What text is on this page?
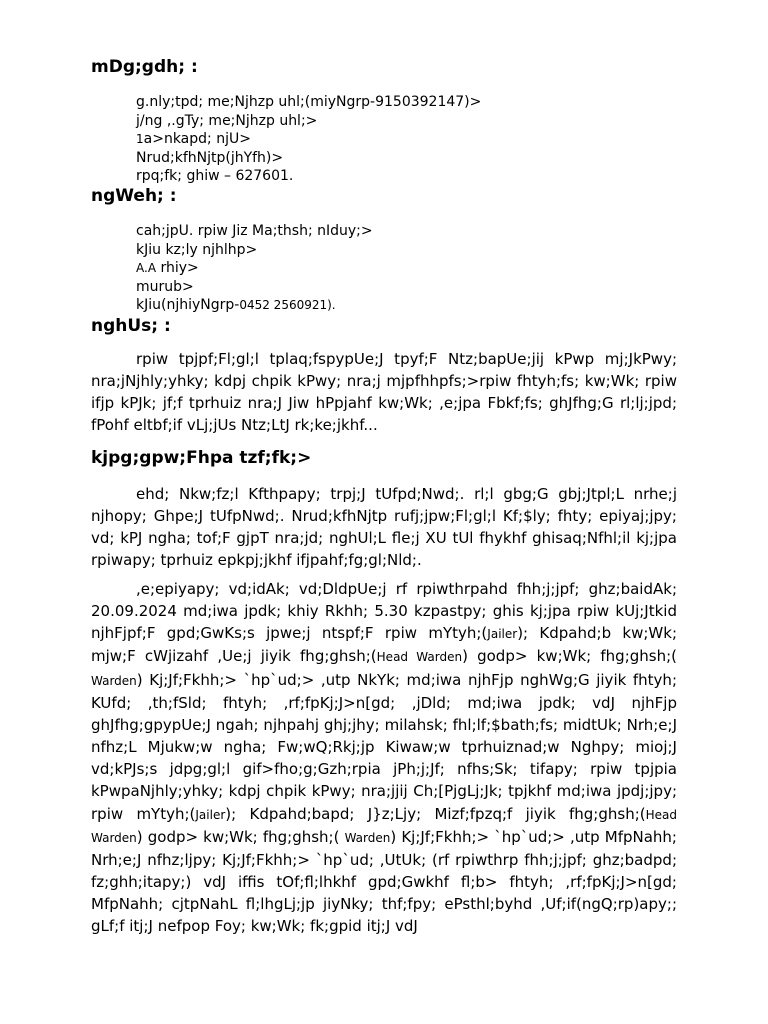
mDg;gdh; :
g.nly;tpd; me;Njhzp uhl;(miyNgrp-9150392147)>
j/ng ,.gTy; me;Njhzp uhl;>
1a>nkapd; njU>
Nrud;kfhNjtp(jhYfh)>
rpq;fk; ghiw – 627601.
ngWeh; :
cah;jpU. rpiw Jiz Ma;thsh; nIduy;>
kJiu kz;ly njhlhp>
A.A rhiy>
murub>
kJiu(njhiyNgrp-0452 2560921).
nghUs; :

rpiw tpjpf;Fl;gl;l tplaq;fspypUe;J tpyf;F Ntz;bapUe;jij kPwp mj;JkPwy; nra;jNjhly;yhky; kdpj chpik kPwy; nra;j mjpfhhpfs;>rpiw fhtyh;fs; kw;Wk; rpiw ifjp kPJk; jf;f tprhuiz nra;J Jiw hPpjahf kw;Wk; ,e;jpa Fbkf;fs; ghJfhg;G rl;lj;jpd; fPohf eltbf;if vLj;jUs Ntz;LtJ rk;ke;jkhf...

kjpg;gpw;Fhpa tzf;fk;>

ehd; Nkw;fz;l Kfthpapy; trpj;J tUfpd;Nwd;. rl;l gbg;G gbj;Jtpl;L nrhe;j njhopy; Ghpe;J tUfpNwd;. Nrud;kfhNjtp rufj;jpw;Fl;gl;l Kf;$ly; fhty; epiyaj;jpy; vd; kPJ ngha; tof;F gjpT nra;jd; nghUl;L fle;j XU tUl fhykhf ghisaq;Nfhl;il kj;jpa rpiwapy; tprhuiz epkpj;jkhf ifjpahf;fg;gl;Nld;.

,e;epiyapy; vd;idAk; vd;DldpUe;j rf rpiwthrpahd fhh;j;jpf; ghz;baidAk; 20.09.2024 md;iwa jpdk; khiy Rkhh; 5.30 kzpastpy; ghis kj;jpa rpiw kUj;Jtkid njhFjpf;F gpd;GwKs;s jpwe;j ntspf;F rpiw mYtyh;(Jailer); Kdpahd;b kw;Wk; mjw;F cWjizahf ,Ue;j jiyik fhg;ghsh;(Head Warden) godp> kw;Wk; fhg;ghsh;( Warden) Kj;Jf;Fkhh;> `hp`ud;> ,utp NkYk; md;iwa njhFjp nghWg;G jiyik fhtyh; KUfd; ,th;fSld; fhtyh; ,rf;fpKj;J>n[gd; ,jDld; md;iwa jpdk; vdJ njhFjp ghJfhg;gpypUe;J ngah; njhpahj ghj;jhy; milahsk; fhl;lf;$bath;fs; midtUk; Nrh;e;J nfhz;L Mjukw;w ngha; Fw;wQ;Rkj;jp Kiwaw;w tprhuiznad;w Nghpy; mioj;J vd;kPJs;s jdpg;gl;l gif>fho;g;Gzh;rpia jPh;j;Jf; nfhs;Sk; tifapy; rpiw tpjpia kPwpaNjhly;yhky; kdpj chpik kPwy; nra;jjij Ch;[PjgLj;Jk; tpjkhf md;iwa jpdj;jpy; rpiw mYtyh;(Jailer); Kdpahd;bapd; J}z;Ljy; Mizf;fpzq;f jiyik fhg;ghsh;(Head Warden) godp> kw;Wk; fhg;ghsh;( Warden) Kj;Jf;Fkhh;> `hp`ud;> ,utp MfpNahh; Nrh;e;J nfhz;ljpy; Kj;Jf;Fkhh;> `hp`ud; ,UtUk; (rf rpiwthrp fhh;j;jpf; ghz;badpd; fz;ghh;itapy;) vdJ iffis tOf;fl;lhkhf gpd;Gwkhf fl;b> fhtyh; ,rf;fpKj;J>n[gd; MfpNahh; cjtpNahL fl;lhgLj;jp jiyNky; thf;fpy; ePsthl;byhd ,Uf;if(ngQ;rp)apy;; gLf;f itj;J nefpop Foy; kw;Wk; fk;gpid itj;J vdJ
